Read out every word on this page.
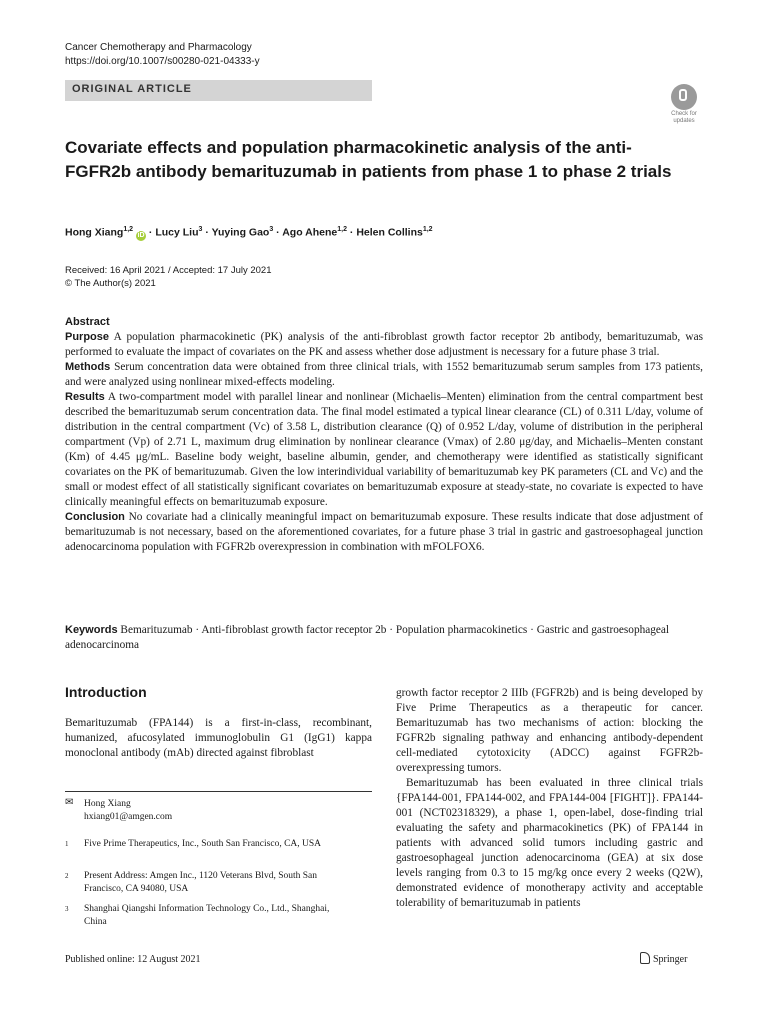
Cancer Chemotherapy and Pharmacology
https://doi.org/10.1007/s00280-021-04333-y
ORIGINAL ARTICLE
Check for
updates
Covariate effects and population pharmacokinetic analysis of the anti-FGFR2b antibody bemarituzumab in patients from phase 1 to phase 2 trials
Hong Xiang$^{1,2}$ iD · Lucy Liu$^3$ · Yuying Gao$^3$ · Ago Ahene$^{1,2}$ · Helen Collins$^{1,2}$
Received: 16 April 2021 / Accepted: 17 July 2021
© The Author(s) 2021
Abstract

Purpose A population pharmacokinetic (PK) analysis of the anti-fibroblast growth factor receptor 2b antibody, bemarituzumab, was performed to evaluate the impact of covariates on the PK and assess whether dose adjustment is necessary for a future phase 3 trial.

Methods Serum concentration data were obtained from three clinical trials, with 1552 bemarituzumab serum samples from 173 patients, and were analyzed using nonlinear mixed-effects modeling.

Results A two-compartment model with parallel linear and nonlinear (Michaelis–Menten) elimination from the central compartment best described the bemarituzumab serum concentration data. The final model estimated a typical linear clearance (CL) of 0.311 L/day, volume of distribution in the central compartment (Vc) of 3.58 L, distribution clearance (Q) of 0.952 L/day, volume of distribution in the peripheral compartment (Vp) of 2.71 L, maximum drug elimination by nonlinear clearance (Vmax) of 2.80 μg/day, and Michaelis–Menten constant (Km) of 4.45 μg/mL. Baseline body weight, baseline albumin, gender, and chemotherapy were identified as statistically significant covariates on the PK of bemarituzumab. Given the low interindividual variability of bemarituzumab key PK parameters (CL and Vc) and the small or modest effect of all statistically significant covariates on bemarituzumab exposure at steady-state, no covariate is expected to have clinically meaningful effects on bemarituzumab exposure.

Conclusion No covariate had a clinically meaningful impact on bemarituzumab exposure. These results indicate that dose adjustment of bemarituzumab is not necessary, based on the aforementioned covariates, for a future phase 3 trial in gastric and gastroesophageal junction adenocarcinoma population with FGFR2b overexpression in combination with mFOLFOX6.

Keywords Bemarituzumab · Anti-fibroblast growth factor receptor 2b · Population pharmacokinetics · Gastric and gastroesophageal adenocarcinoma
Introduction
Bemarituzumab (FPA144) is a first-in-class, recombinant, humanized, afucosylated immunoglobulin G1 (IgG1) kappa monoclonal antibody (mAb) directed against fibroblast
✉ Hong Xiang
hxiang01@amgen.com
1 Five Prime Therapeutics, Inc., South San Francisco, CA, USA
2 Present Address: Amgen Inc., 1120 Veterans Blvd, South San Francisco, CA 94080, USA
3 Shanghai Qiangshi Information Technology Co., Ltd., Shanghai, China

growth factor receptor 2 IIIb (FGFR2b) and is being developed by Five Prime Therapeutics as a therapeutic for cancer. Bemarituzumab has two mechanisms of action: blocking the FGFR2b signaling pathway and enhancing antibody-dependent cell-mediated cytotoxicity (ADCC) against FGFR2b-overexpressing tumors.

Bemarituzumab has been evaluated in three clinical trials {FPA144-001, FPA144-002, and FPA144-004 [FIGHT]}. FPA144-001 (NCT02318329), a phase 1, open-label, dose-finding trial evaluating the safety and pharmacokinetics (PK) of FPA144 in patients with advanced solid tumors including gastric and gastroesophageal junction adenocarcinoma (GEA) at six dose levels ranging from 0.3 to 15 mg/kg once every 2 weeks (Q2W), demonstrated evidence of monotherapy activity and acceptable tolerability of bemarituzumab in patients

Published online: 12 August 2021	Springer
